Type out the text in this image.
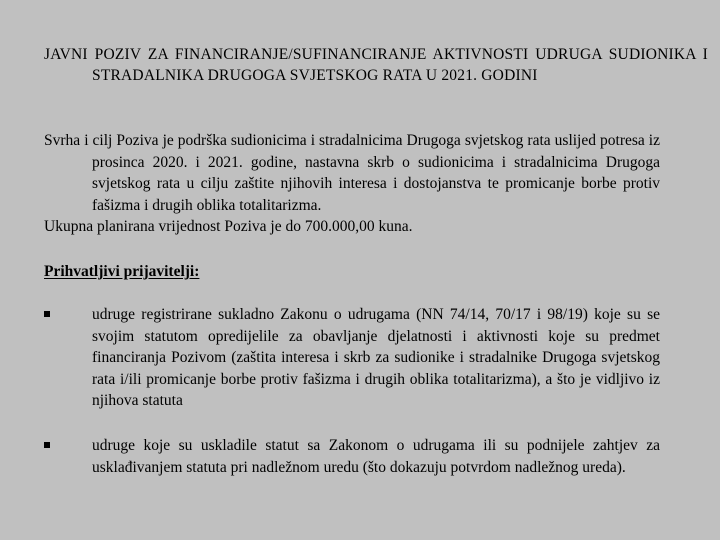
JAVNI POZIV ZA FINANCIRANJE/SUFINANCIRANJE AKTIVNOSTI UDRUGA SUDIONIKA I STRADALNIKA DRUGOGA SVJETSKOG RATA U 2021. GODINI
Svrha i cilj Poziva je podrška sudionicima i stradalnicima Drugoga svjetskog rata uslijed potresa iz prosinca 2020. i 2021. godine, nastavna skrb o sudionicima i stradalnicima Drugoga svjetskog rata u cilju zaštite njihovih interesa i dostojanstva te promicanje borbe protiv fašizma i drugih oblika totalitarizma.
Ukupna planirana vrijednost Poziva je do 700.000,00 kuna.
Prihvatljivi prijavitelji:
udruge registrirane sukladno Zakonu o udrugama (NN 74/14, 70/17 i 98/19) koje su se svojim statutom opredijelile za obavljanje djelatnosti i aktivnosti koje su predmet financiranja Pozivom (zaštita interesa i skrb za sudionike i stradalnike Drugoga svjetskog rata i/ili promicanje borbe protiv fašizma i drugih oblika totalitarizma), a što je vidljivo iz njihova statuta
udruge koje su uskladile statut sa Zakonom o udrugama ili su podnijele zahtjev za usklađivanjem statuta pri nadležnom uredu (što dokazuju potvrdom nadležnog ureda).
